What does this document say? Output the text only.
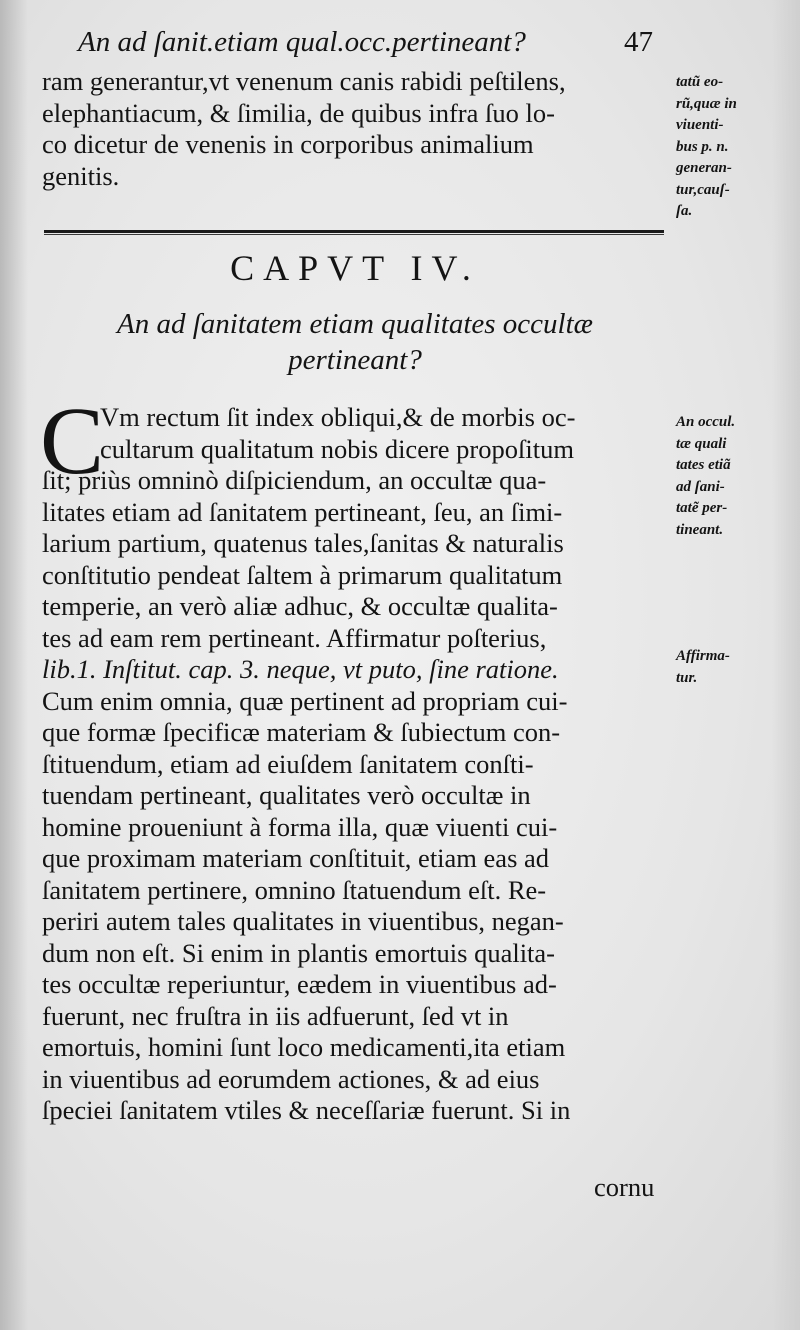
An ad ſanit.etiam qual.occ.pertineant?	47
ram generantur,vt venenum canis rabidi peſtilens,
elephantiacum, & ſimilia, de quibus infra ſuo lo-
co dicetur de venenis in corporibus animalium
genitis.
CAPVT IV.
An ad ſanitatem etiam qualitates occultæ
pertineant?
C
Vm rectum ſit index obliqui,& de morbis oc-
cultarum qualitatum nobis dicere propoſitum
ſit; priùs omninò diſpiciendum, an occultæ qua-
litates etiam ad ſanitatem pertineant, ſeu, an ſimi-
larium partium, quatenus tales,ſanitas & naturalis
conſtitutio pendeat ſaltem à primarum qualitatum
temperie, an verò aliæ adhuc, & occultæ qualita-
tes ad eam rem pertineant. Affirmatur poſterius,
lib.1. Inſtitut. cap. 3. neque, vt puto, ſine ratione.
Cum enim omnia, quæ pertinent ad propriam cui-
que formæ ſpecificæ materiam & ſubiectum con-
ſtituendum, etiam ad eiuſdem ſanitatem conſti-
tuendam pertineant, qualitates verò occultæ in
homine proueniunt à forma illa, quæ viuenti cui-
que proximam materiam conſtituit, etiam eas ad
ſanitatem pertinere, omnino ſtatuendum eſt. Re-
periri autem tales qualitates in viuentibus, negan-
dum non eſt. Si enim in plantis emortuis qualita-
tes occultæ reperiuntur, eædem in viuentibus ad-
fuerunt, nec fruſtra in iis adfuerunt, ſed vt in
emortuis, homini ſunt loco medicamenti,ita etiam
in viuentibus ad eorumdem actiones, & ad eius
ſpeciei ſanitatem vtiles & neceſſariæ fuerunt. Si in
cornu
tatũ eo-
rũ,quæ in
viuenti-
bus p. n.
generan-
tur,cauſ-
ſa.
An occul.
tæ quali
tates etiã
ad ſani-
tatẽ per-
tineant.
Affirma-
tur.
